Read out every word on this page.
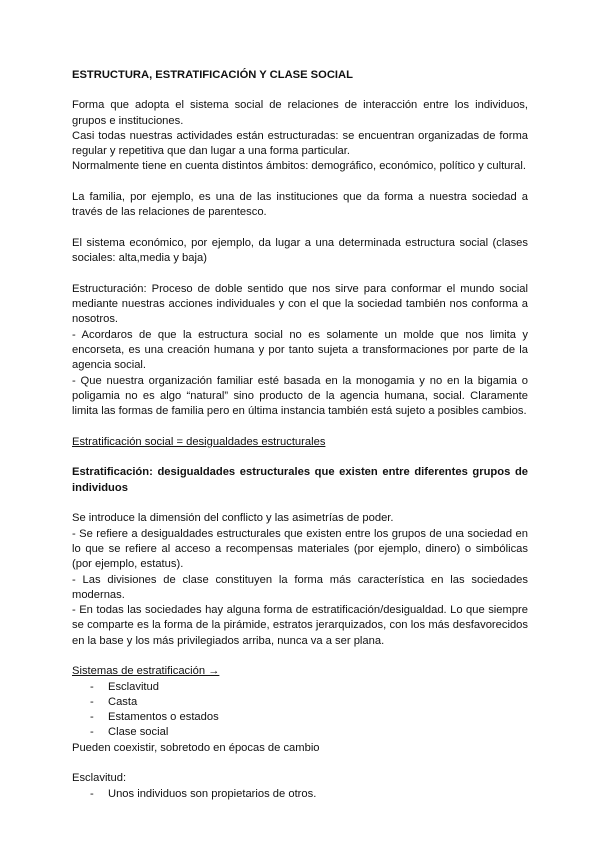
ESTRUCTURA, ESTRATIFICACIÓN Y CLASE SOCIAL

Forma que adopta el sistema social de relaciones de interacción entre los individuos, grupos e instituciones.

Casi todas nuestras actividades están estructuradas: se encuentran organizadas de forma regular y repetitiva que dan lugar a una forma particular.

Normalmente tiene en cuenta distintos ámbitos: demográfico, económico, político y cultural.

La familia, por ejemplo, es una de las instituciones que da forma a nuestra sociedad a través de las relaciones de parentesco.

El sistema económico, por ejemplo, da lugar a una determinada estructura social (clases sociales: alta,media y baja)

Estructuración: Proceso de doble sentido que nos sirve para conformar el mundo social mediante nuestras acciones individuales y con el que la sociedad también nos conforma a nosotros.

- Acordaros de que la estructura social no es solamente un molde que nos limita y encorseta, es una creación humana y por tanto sujeta a transformaciones por parte de la agencia social.

- Que nuestra organización familiar esté basada en la monogamia y no en la bigamia o poligamia no es algo “natural” sino producto de la agencia humana, social. Claramente limita las formas de familia pero en última instancia también está sujeto a posibles cambios.

Estratificación social = desigualdades estructurales

Estratificación: desigualdades estructurales que existen entre diferentes grupos de individuos

Se introduce la dimensión del conflicto y las asimetrías de poder.

- Se refiere a desigualdades estructurales que existen entre los grupos de una sociedad en lo que se refiere al acceso a recompensas materiales (por ejemplo, dinero) o simbólicas (por ejemplo, estatus).

- Las divisiones de clase constituyen la forma más característica en las sociedades modernas.

- En todas las sociedades hay alguna forma de estratificación/desigualdad. Lo que siempre se comparte es la forma de la pirámide, estratos jerarquizados, con los más desfavorecidos en la base y los más privilegiados arriba, nunca va a ser plana.

Sistemas de estratificación →

- Esclavitud
- Casta
- Estamentos o estados
- Clase social

Pueden coexistir, sobretodo en épocas de cambio

Esclavitud:

- Unos individuos son propietarios de otros.
